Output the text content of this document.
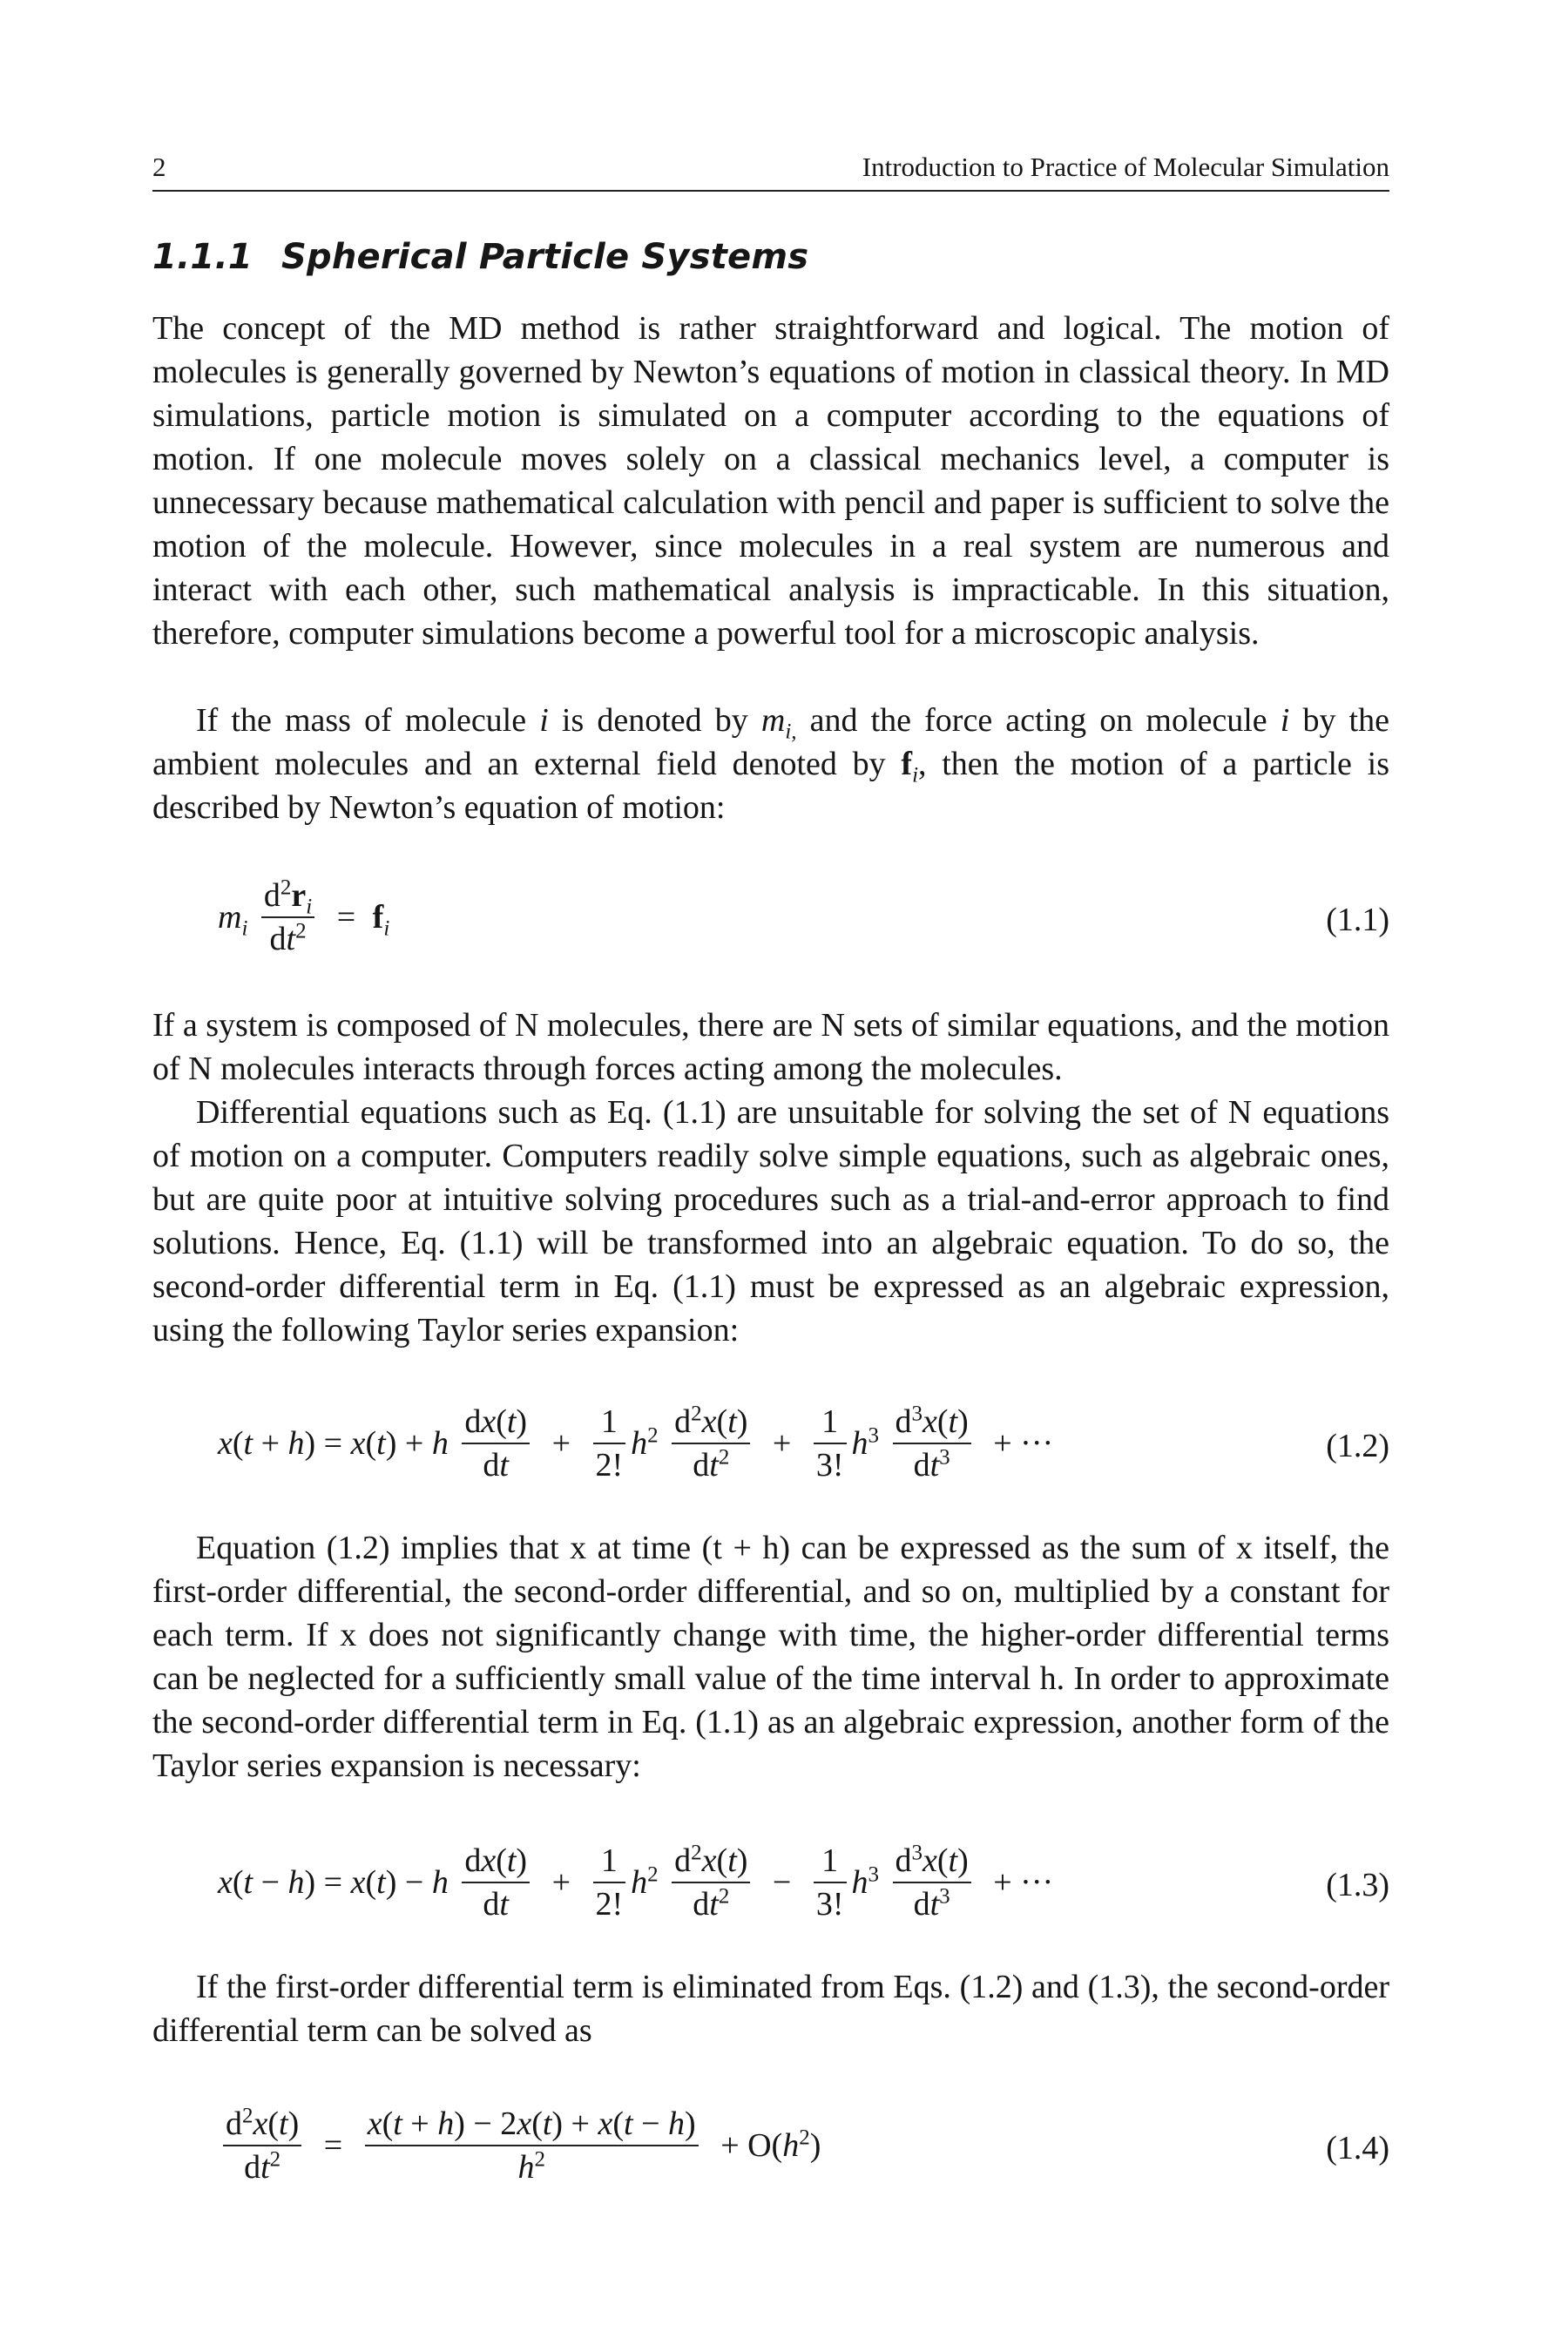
2	Introduction to Practice of Molecular Simulation
1.1.1 Spherical Particle Systems

The concept of the MD method is rather straightforward and logical. The motion of molecules is generally governed by Newton’s equations of motion in classical theory. In MD simulations, particle motion is simulated on a computer according to the equations of motion. If one molecule moves solely on a classical mechanics level, a computer is unnecessary because mathematical calculation with pencil and paper is sufficient to solve the motion of the molecule. However, since molecules in a real system are numerous and interact with each other, such mathematical analysis is impracticable. In this situation, therefore, computer simulations become a powerful tool for a microscopic analysis.

If the mass of molecule i is denoted by $m_{i,}$ and the force acting on molecule i by the ambient molecules and an external field denoted by $f_i$, then the motion of a particle is described by Newton’s equation of motion:

$m_i \frac{d^2r_i}{dt^2} = f_i$	(1.1)

If a system is composed of N molecules, there are N sets of similar equations, and the motion of N molecules interacts through forces acting among the molecules.

Differential equations such as Eq. (1.1) are unsuitable for solving the set of N equations of motion on a computer. Computers readily solve simple equations, such as algebraic ones, but are quite poor at intuitive solving procedures such as a trial-and-error approach to find solutions. Hence, Eq. (1.1) will be transformed into an algebraic equation. To do so, the second-order differential term in Eq. (1.1) must be expressed as an algebraic expression, using the following Taylor series expansion:

x(t + h) = x(t) + h $\frac{dx(t)}{dt} + \frac{1}{2!} h^2 \frac{d^2x(t)}{dt^2} + \frac{1}{3!} h^3 \frac{d^3x(t)}{dt^3}$ + ···	(1.2)

Equation (1.2) implies that x at time (t + h) can be expressed as the sum of x itself, the first-order differential, the second-order differential, and so on, multiplied by a constant for each term. If x does not significantly change with time, the higher-order differential terms can be neglected for a sufficiently small value of the time interval h. In order to approximate the second-order differential term in Eq. (1.1) as an algebraic expression, another form of the Taylor series expansion is necessary:

x(t − h) = x(t) − h $\frac{dx(t)}{dt} + \frac{1}{2!} h^2 \frac{d^2x(t)}{dt^2} - \frac{1}{3!} h^3 \frac{d^3x(t)}{dt^3}$ + ···	(1.3)

If the first-order differential term is eliminated from Eqs. (1.2) and (1.3), the second-order differential term can be solved as

$\frac{d^2x(t)}{dt^2} = \frac{x(t + h) - 2x(t) + x(t - h)}{h^2} + O(h^2)$	(1.4)
